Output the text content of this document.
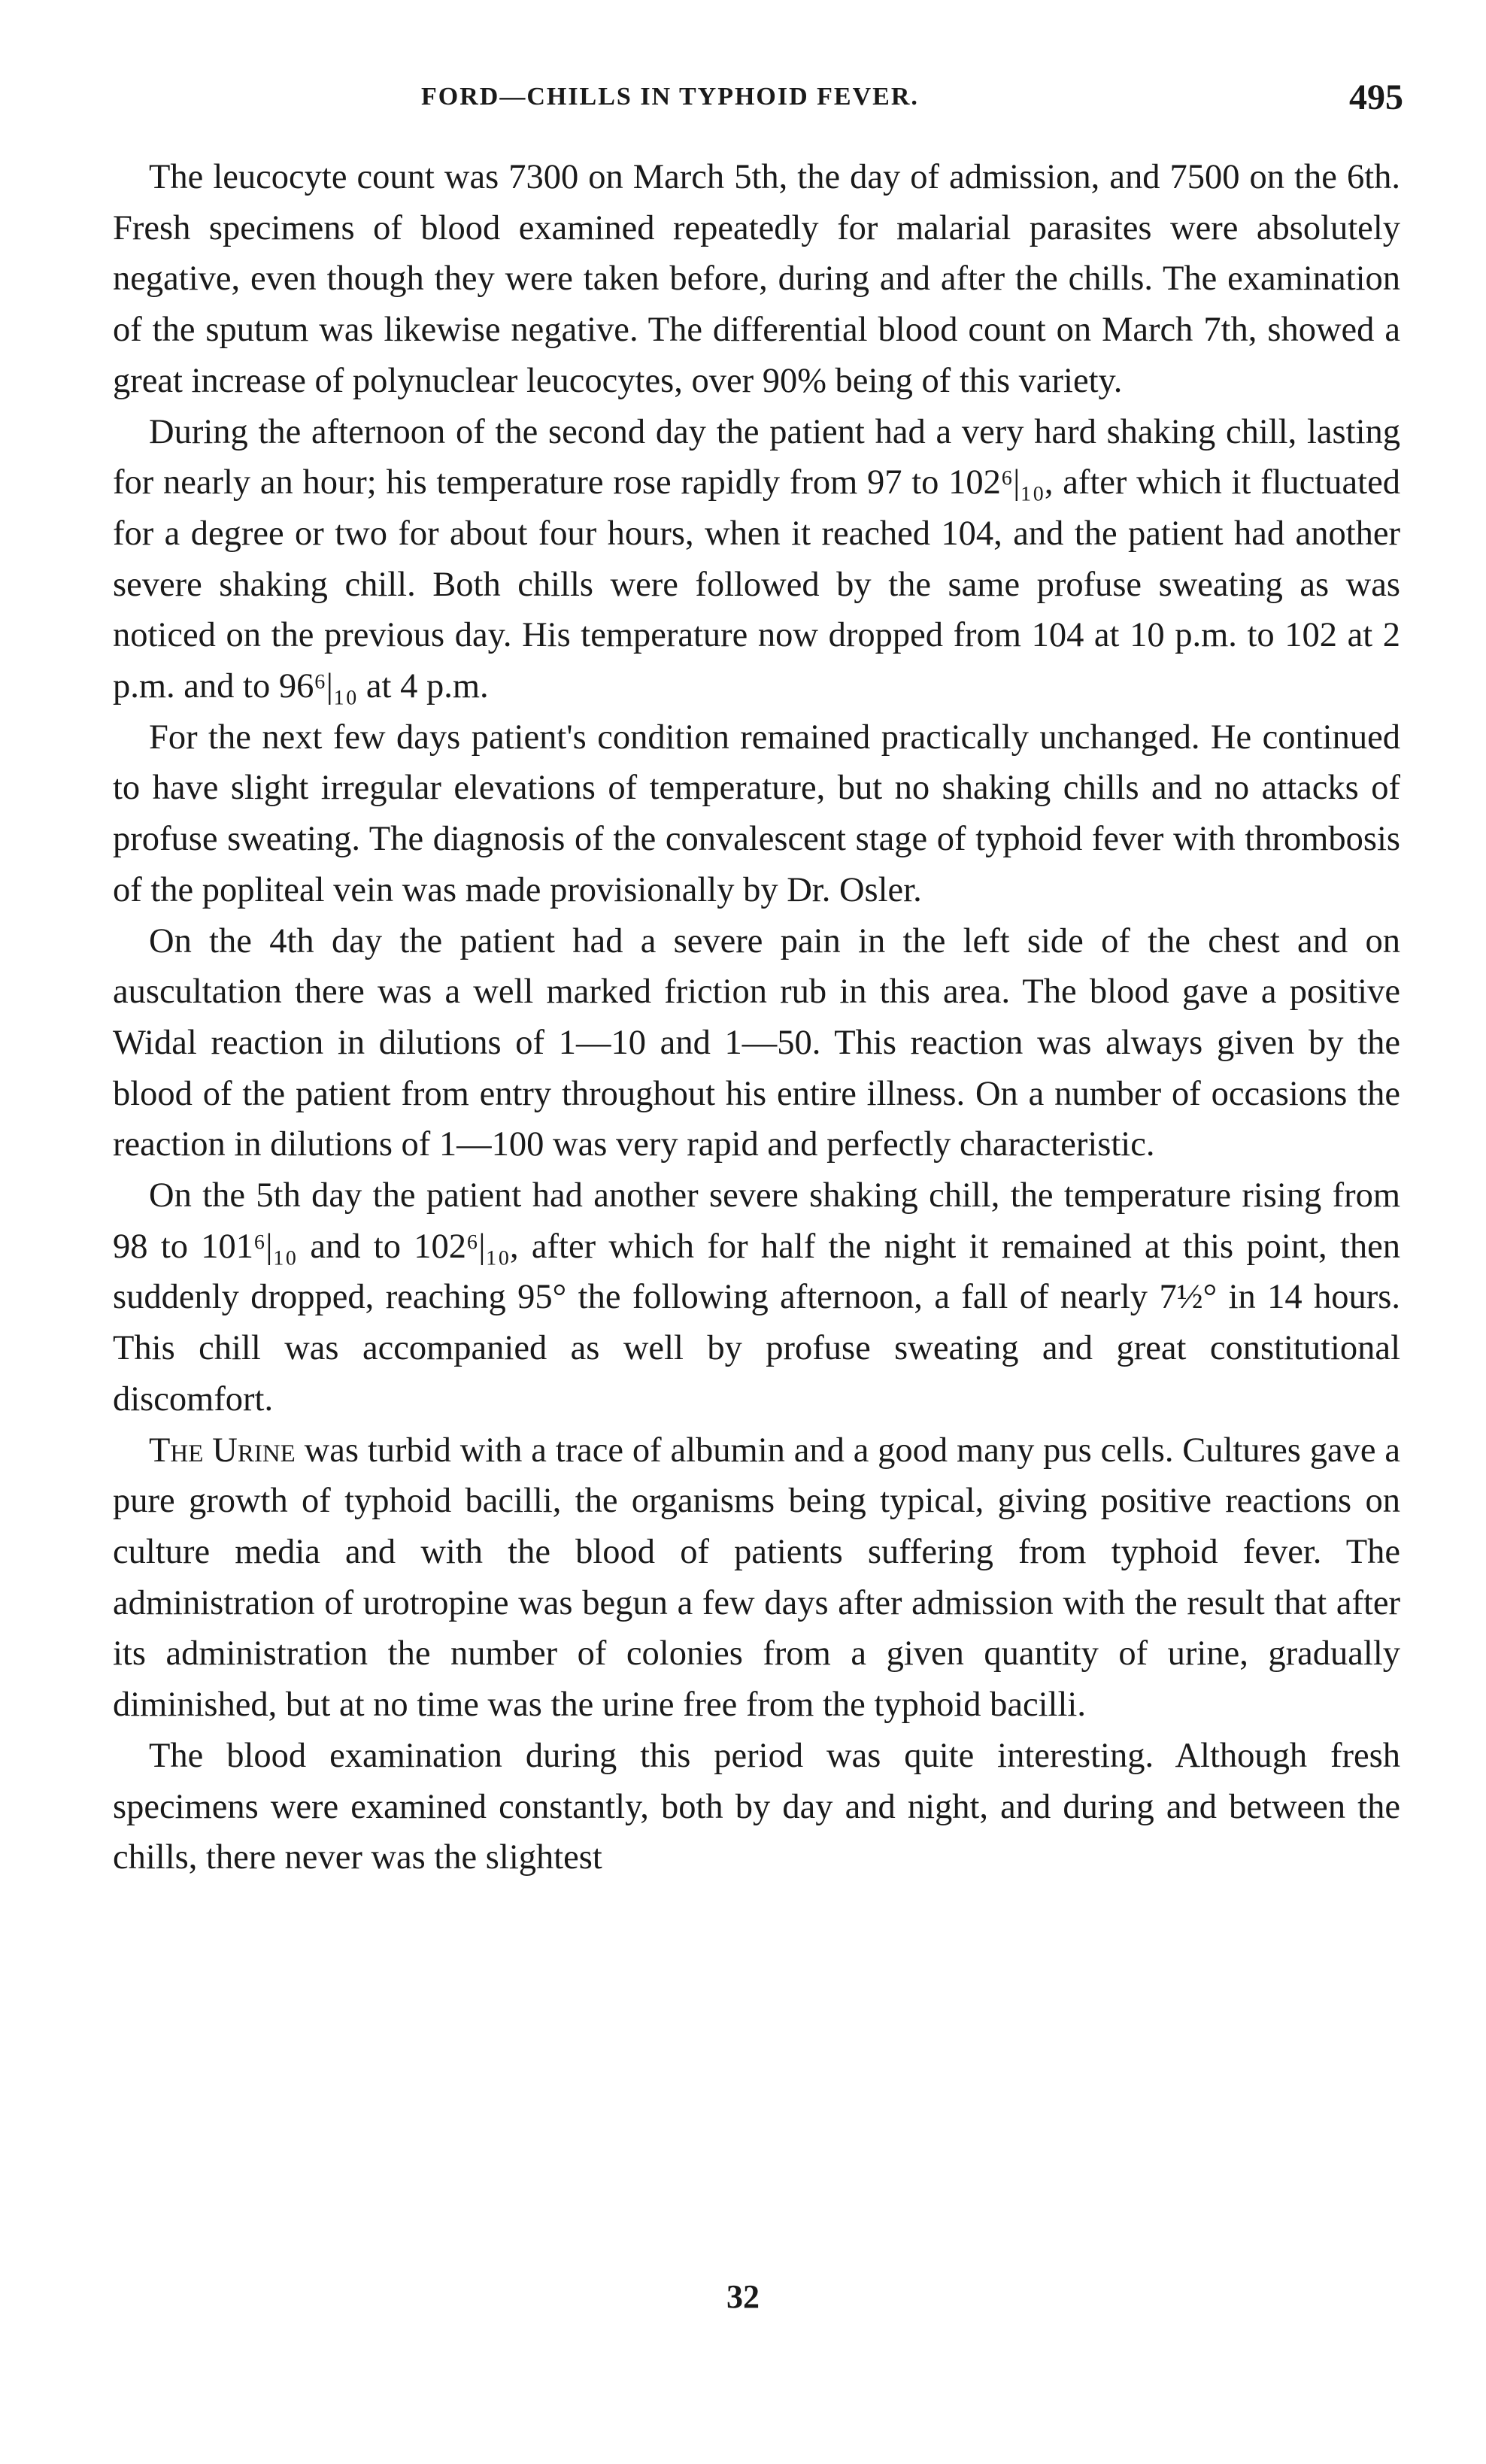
FORD—CHILLS IN TYPHOID FEVER.	495

The leucocyte count was 7300 on March 5th, the day of admission, and 7500 on the 6th. Fresh specimens of blood examined repeatedly for malarial parasites were absolutely negative, even though they were taken before, during and after the chills. The examination of the sputum was likewise negative. The differential blood count on March 7th, showed a great increase of polynuclear leucocytes, over 90% being of this variety.

During the afternoon of the second day the patient had a very hard shaking chill, lasting for nearly an hour; his temperature rose rapidly from 97 to 102⁶|₁₀, after which it fluctuated for a degree or two for about four hours, when it reached 104, and the patient had another severe shaking chill. Both chills were followed by the same profuse sweating as was noticed on the previous day. His temperature now dropped from 104 at 10 p.m. to 102 at 2 p.m. and to 96⁶|₁₀ at 4 p.m.

For the next few days patient's condition remained practically unchanged. He continued to have slight irregular elevations of temperature, but no shaking chills and no attacks of profuse sweating. The diagnosis of the convalescent stage of typhoid fever with thrombosis of the popliteal vein was made provisionally by Dr. Osler.

On the 4th day the patient had a severe pain in the left side of the chest and on auscultation there was a well marked friction rub in this area. The blood gave a positive Widal reaction in dilutions of 1—10 and 1—50. This reaction was always given by the blood of the patient from entry throughout his entire illness. On a number of occasions the reaction in dilutions of 1—100 was very rapid and perfectly characteristic.

On the 5th day the patient had another severe shaking chill, the temperature rising from 98 to 101⁶|₁₀ and to 102⁶|₁₀, after which for half the night it remained at this point, then suddenly dropped, reaching 95° the following afternoon, a fall of nearly 7½° in 14 hours. This chill was accompanied as well by profuse sweating and great constitutional discomfort.

The Urine was turbid with a trace of albumin and a good many pus cells. Cultures gave a pure growth of typhoid bacilli, the organisms being typical, giving positive reactions on culture media and with the blood of patients suffering from typhoid fever. The administration of urotropine was begun a few days after admission with the result that after its administration the number of colonies from a given quantity of urine, gradually diminished, but at no time was the urine free from the typhoid bacilli.

The blood examination during this period was quite interesting. Although fresh specimens were examined constantly, both by day and night, and during and between the chills, there never was the slightest

32
